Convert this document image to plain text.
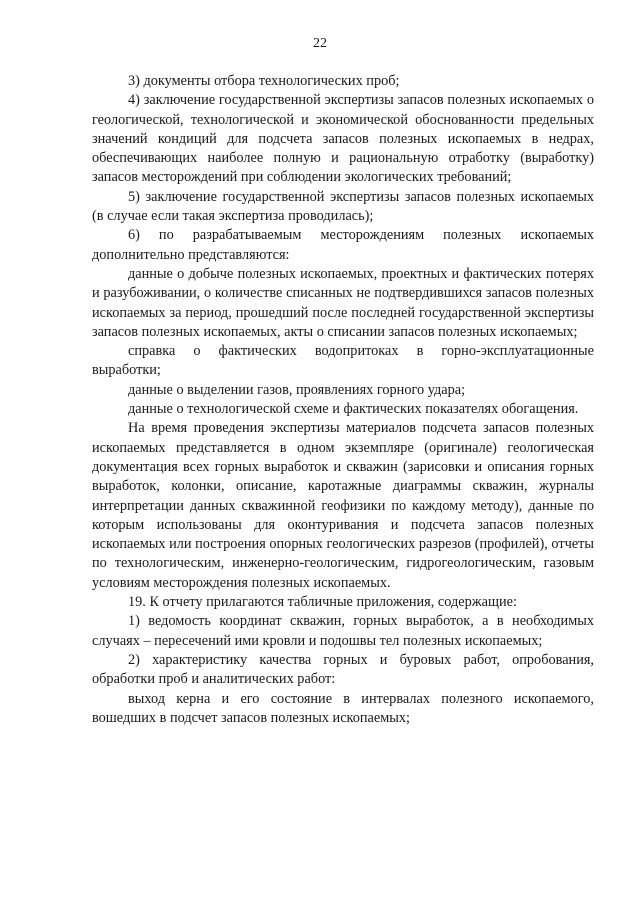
22

3) документы отбора технологических проб;

4) заключение государственной экспертизы запасов полезных ископаемых о геологической, технологической и экономической обоснованности предельных значений кондиций для подсчета запасов полезных ископаемых в недрах, обеспечивающих наиболее полную и рациональную отработку (выработку) запасов месторождений при соблюдении экологических требований;

5) заключение государственной экспертизы запасов полезных ископаемых (в случае если такая экспертиза проводилась);

6) по разрабатываемым месторождениям полезных ископаемых дополнительно представляются:

данные о добыче полезных ископаемых, проектных и фактических потерях и разубоживании, о количестве списанных не подтвердившихся запасов полезных ископаемых за период, прошедший после последней государственной экспертизы запасов полезных ископаемых, акты о списании запасов полезных ископаемых;

справка о фактических водопритоках в горно-эксплуатационные выработки;

данные о выделении газов, проявлениях горного удара;

данные о технологической схеме и фактических показателях обогащения.

На время проведения экспертизы материалов подсчета запасов полезных ископаемых представляется в одном экземпляре (оригинале) геологическая документация всех горных выработок и скважин (зарисовки и описания горных выработок, колонки, описание, каротажные диаграммы скважин, журналы интерпретации данных скважинной геофизики по каждому методу), данные по которым использованы для оконтуривания и подсчета запасов полезных ископаемых или построения опорных геологических разрезов (профилей), отчеты по технологическим, инженерно-геологическим, гидрогеологическим, газовым условиям месторождения полезных ископаемых.

19. К отчету прилагаются табличные приложения, содержащие:

1) ведомость координат скважин, горных выработок, а в необходимых случаях – пересечений ими кровли и подошвы тел полезных ископаемых;

2) характеристику качества горных и буровых работ, опробования, обработки проб и аналитических работ:

выход керна и его состояние в интервалах полезного ископаемого, вошедших в подсчет запасов полезных ископаемых;
